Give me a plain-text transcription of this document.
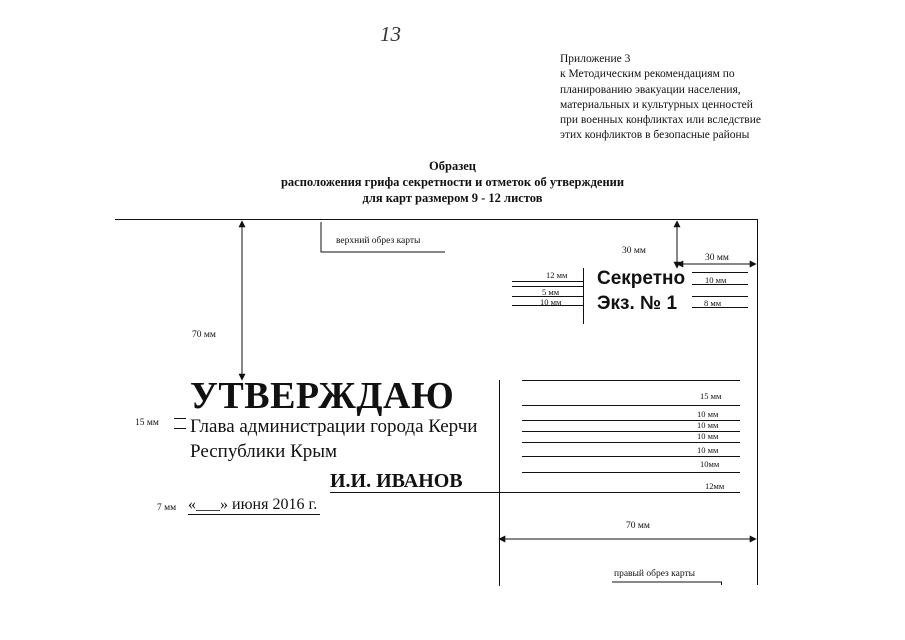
13
Приложение 3
к Методическим рекомендациям по
планированию эвакуации населения,
материальных и культурных ценностей
при военных конфликтах или вследствие
этих конфликтов в безопасные районы
Образец
расположения грифа секретности и отметок об утверждении
для карт размером 9 - 12 листов
верхний обрез карты
правый обрез карты
70 мм
70 мм
30 мм
30 мм
15 мм
7 мм
Секретно
Экз. № 1
12 мм
5 мм
10 мм
10 мм
8 мм
УТВЕРЖДАЮ
Глава администрации города Керчи
Республики Крым
И.И. ИВАНОВ
«___» июня 2016 г.
15 мм
10 мм
10 мм
10 мм
10 мм
10мм
12мм
